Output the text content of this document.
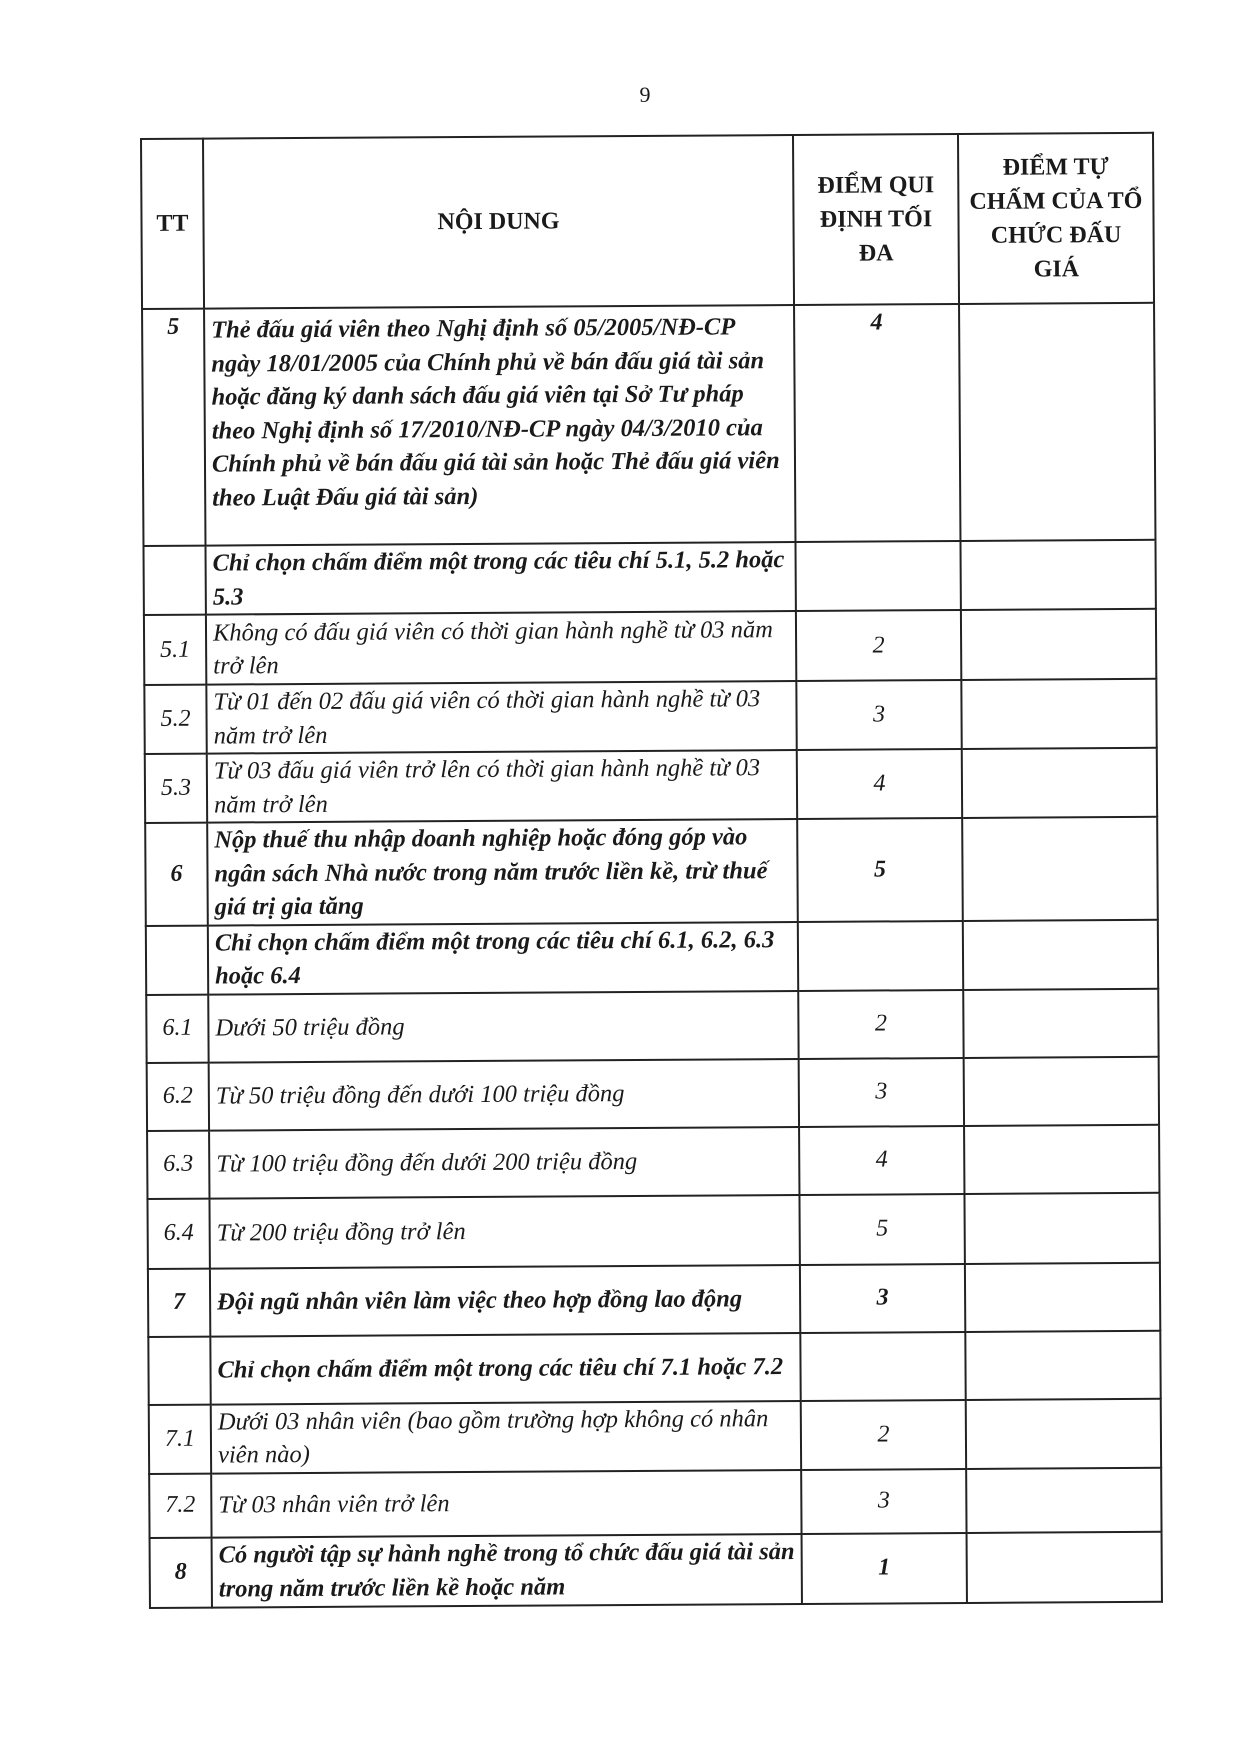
9
TT	NỘI DUNG	ĐIỂM QUI ĐỊNH TỐI ĐA	ĐIỂM TỰ CHẤM CỦA TỔ CHỨC ĐẤU GIÁ
5	Thẻ đấu giá viên theo Nghị định số 05/2005/NĐ-CP ngày 18/01/2005 của Chính phủ về bán đấu giá tài sản hoặc đăng ký danh sách đấu giá viên tại Sở Tư pháp theo Nghị định số 17/2010/NĐ-CP ngày 04/3/2010 của Chính phủ về bán đấu giá tài sản hoặc Thẻ đấu giá viên theo Luật Đấu giá tài sản)	4	
	Chỉ chọn chấm điểm một trong các tiêu chí 5.1, 5.2 hoặc 5.3		
5.1	Không có đấu giá viên có thời gian hành nghề từ 03 năm trở lên	2	
5.2	Từ 01 đến 02 đấu giá viên có thời gian hành nghề từ 03 năm trở lên	3	
5.3	Từ 03 đấu giá viên trở lên có thời gian hành nghề từ 03 năm trở lên	4	
6	Nộp thuế thu nhập doanh nghiệp hoặc đóng góp vào ngân sách Nhà nước trong năm trước liền kề, trừ thuế giá trị gia tăng	5	
	Chỉ chọn chấm điểm một trong các tiêu chí 6.1, 6.2, 6.3 hoặc 6.4		
6.1	Dưới 50 triệu đồng	2	
6.2	Từ 50 triệu đồng đến dưới 100 triệu đồng	3	
6.3	Từ 100 triệu đồng đến dưới 200 triệu đồng	4	
6.4	Từ 200 triệu đồng trở lên	5	
7	Đội ngũ nhân viên làm việc theo hợp đồng lao động	3	
	Chỉ chọn chấm điểm một trong các tiêu chí 7.1 hoặc 7.2		
7.1	Dưới 03 nhân viên (bao gồm trường hợp không có nhân viên nào)	2	
7.2	Từ 03 nhân viên trở lên	3	
8	Có người tập sự hành nghề trong tổ chức đấu giá tài sản trong năm trước liền kề hoặc năm	1	
